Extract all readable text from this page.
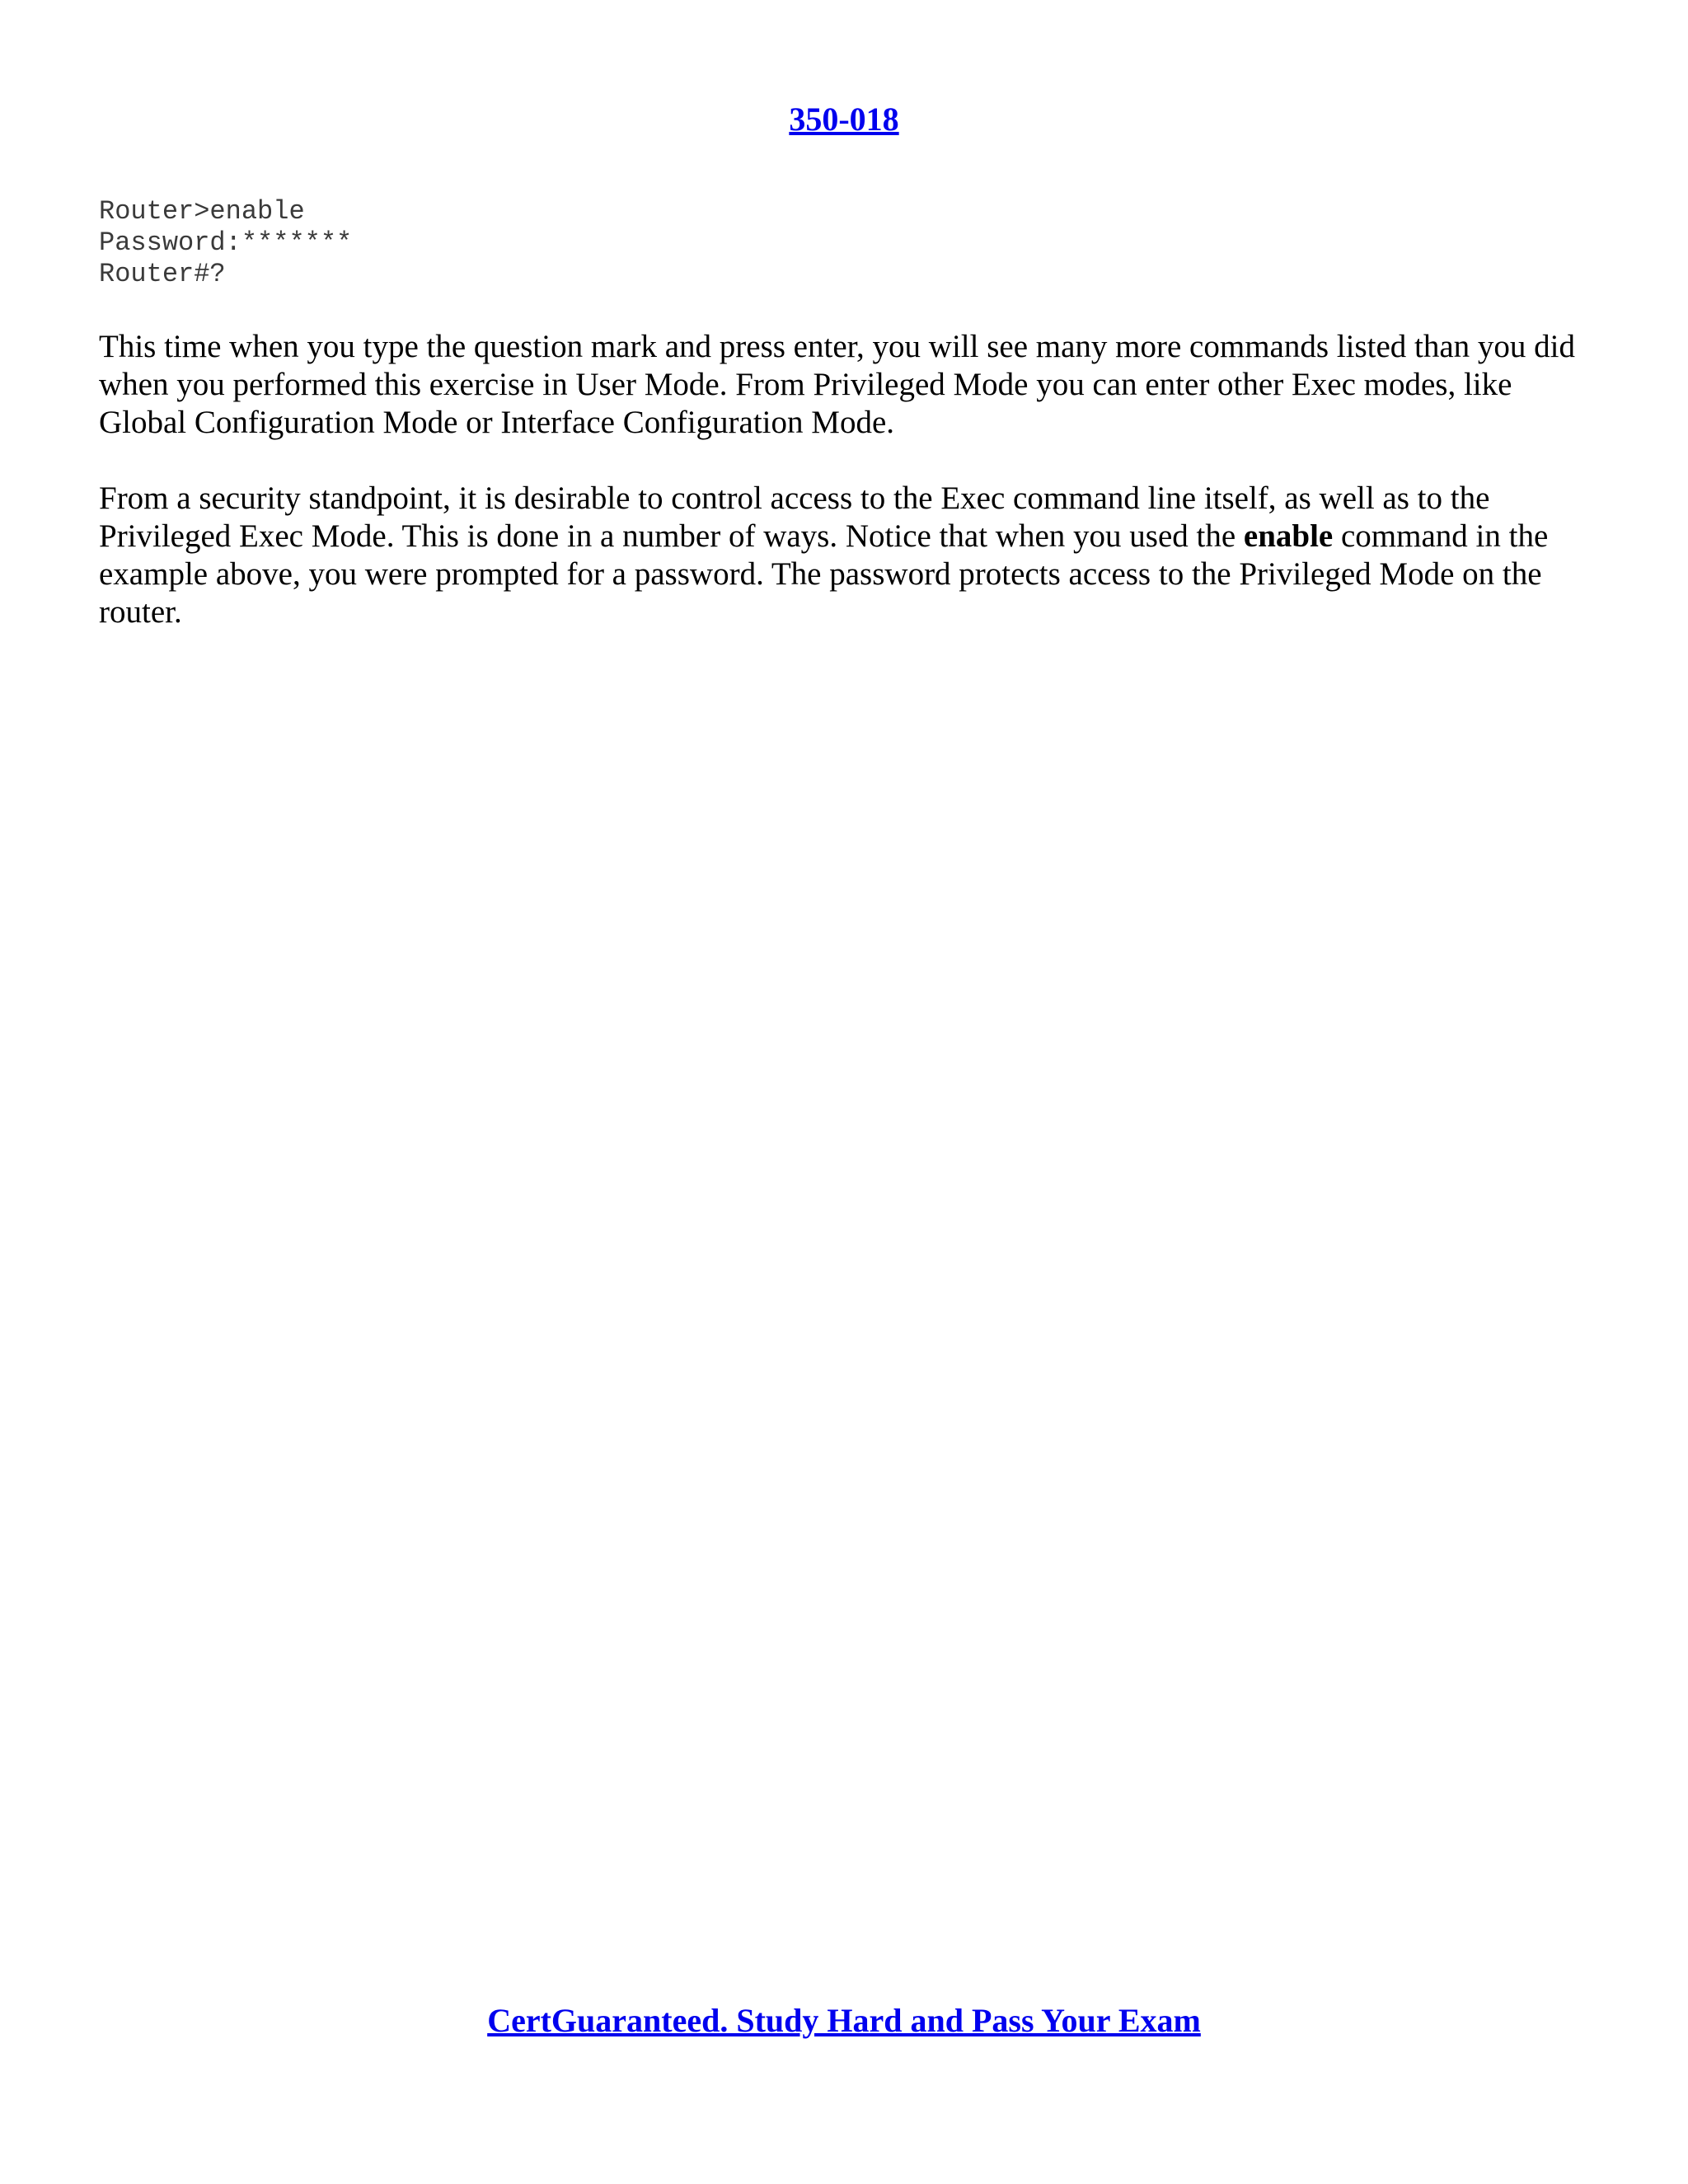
350-018
Router>enable
Password:*******
Router#?

This time when you type the question mark and press enter, you will see many more commands listed than you did when you performed this exercise in User Mode. From Privileged Mode you can enter other Exec modes, like Global Configuration Mode or Interface Configuration Mode.

From a security standpoint, it is desirable to control access to the Exec command line itself, as well as to the Privileged Exec Mode. This is done in a number of ways. Notice that when you used the enable command in the example above, you were prompted for a password. The password protects access to the Privileged Mode on the router.

CertGuaranteed. Study Hard and Pass Your Exam
